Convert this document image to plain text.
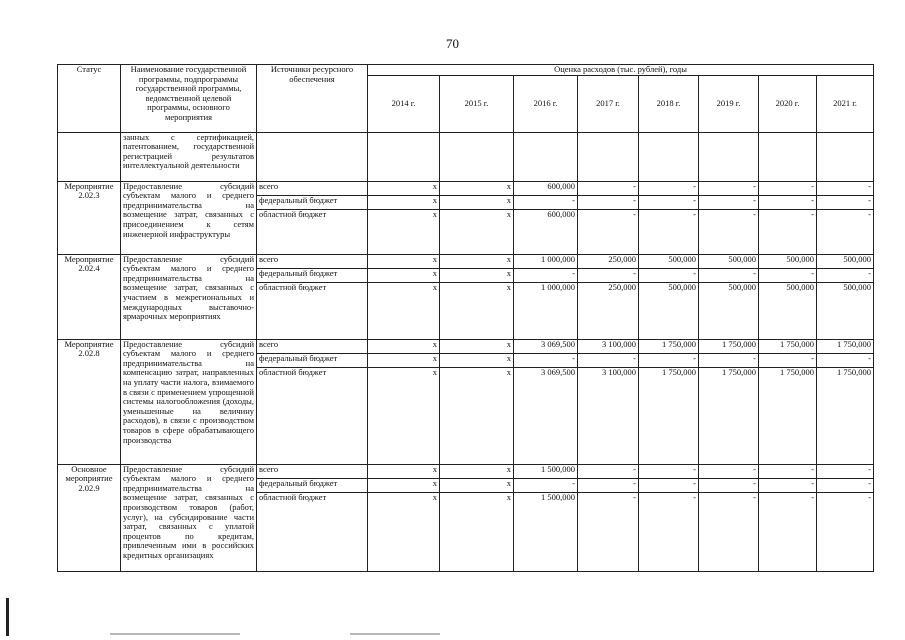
70
Статус	Наименование государственной программы, подпрограммы государственной программы, ведомственной целевой программы, основного мероприятия	Источники ресурсного обеспечения	Оценка расходов (тыс. рублей), годы							
			2014 г.	2015 г.	2016 г.	2017 г.	2018 г.	2019 г.	2020 г.	2021 г.
	занных с сертификацией, патентованием, государственной регистрацией результатов интеллектуальной деятельности									
Мероприятие 2.02.3	Предоставление субсидий субъектам малого и среднего предпринимательства на возмещение затрат, связанных с присоединением к сетям инженерной инфраструктуры	всего	х	х	600,000	-	-	-	-	-
		федеральный бюджет	х	х	-	-	-	-	-	-
		областной бюджет	х	х	600,000	-	-	-	-	-
Мероприятие 2.02.4	Предоставление субсидий субъектам малого и среднего предпринимательства на возмещение затрат, связанных с участием в межрегиональных и международных выставочно-ярмарочных мероприятиях	всего	х	х	1 000,000	250,000	500,000	500,000	500,000	500,000
		федеральный бюджет	х	х	-	-	-	-	-	-
		областной бюджет	х	х	1 000,000	250,000	500,000	500,000	500,000	500,000
Мероприятие 2.02.8	Предоставление субсидий субъектам малого и среднего предпринимательства на компенсацию затрат, направленных на уплату части налога, взимаемого в связи с применением упрощенной системы налогообложения (доходы, уменьшенные на величину расходов), в связи с производством товаров в сфере обрабатывающего производства	всего	х	х	3 069,500	3 100,000	1 750,000	1 750,000	1 750,000	1 750,000
		федеральный бюджет	х	х	-	-	-	-	-	-
		областной бюджет	х	х	3 069,500	3 100,000	1 750,000	1 750,000	1 750,000	1 750,000
Основное мероприятие 2.02.9	Предоставление субсидий субъектам малого и среднего предпринимательства на возмещение затрат, связанных с производством товаров (работ, услуг), на субсидирование части затрат, связанных с уплатой процентов по кредитам, привлеченным ими в российских кредитных организациях	всего	х	х	1 500,000	-	-	-	-	-
		федеральный бюджет	х	х	-	-	-	-	-	-
		областной бюджет	х	х	1 500,000	-	-	-	-	-
